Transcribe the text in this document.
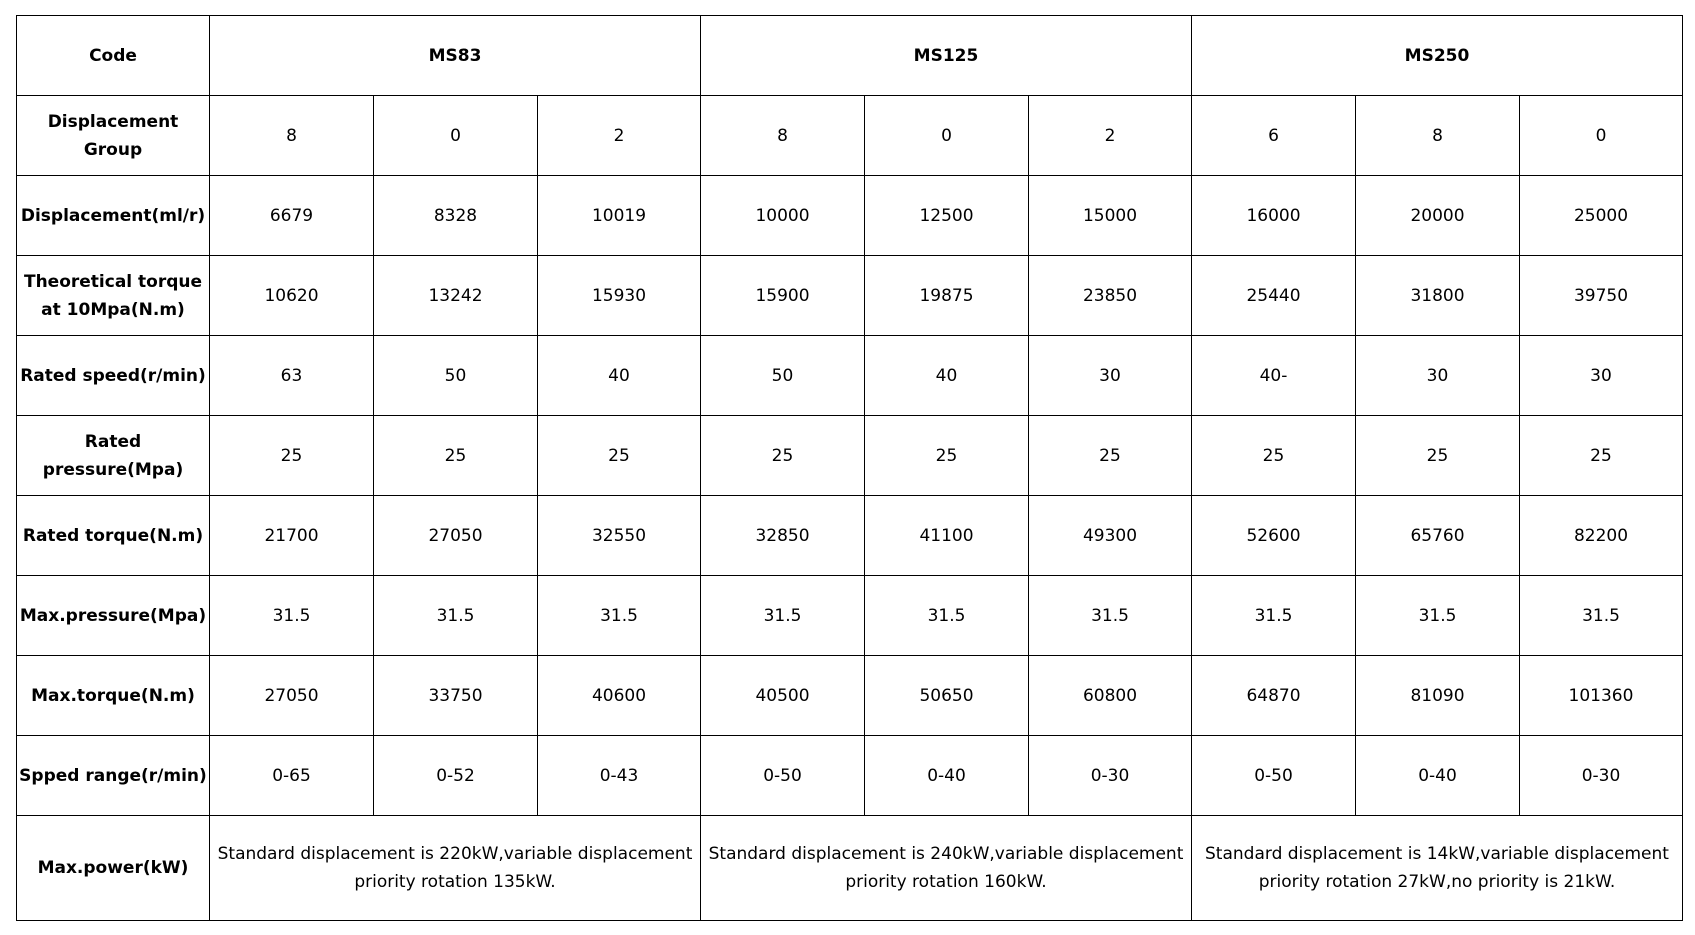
Code	MS83			MS125			MS250		
Displacement Group	8	0	2	8	0	2	6	8	0
Displacement(ml/r)	6679	8328	10019	10000	12500	15000	16000	20000	25000
Theoretical torque at 10Mpa(N.m)	10620	13242	15930	15900	19875	23850	25440	31800	39750
Rated speed(r/min)	63	50	40	50	40	30	40-	30	30
Rated pressure(Mpa)	25	25	25	25	25	25	25	25	25
Rated torque(N.m)	21700	27050	32550	32850	41100	49300	52600	65760	82200
Max.pressure(Mpa)	31.5	31.5	31.5	31.5	31.5	31.5	31.5	31.5	31.5
Max.torque(N.m)	27050	33750	40600	40500	50650	60800	64870	81090	101360
Spped range(r/min)	0-65	0-52	0-43	0-50	0-40	0-30	0-50	0-40	0-30
Max.power(kW)	Standard displacement is 220kW,variable displacement priority rotation 135kW.			Standard displacement is 240kW,variable displacement priority rotation 160kW.			Standard displacement is 14kW,variable displacement priority rotation 27kW,no priority is 21kW.		
